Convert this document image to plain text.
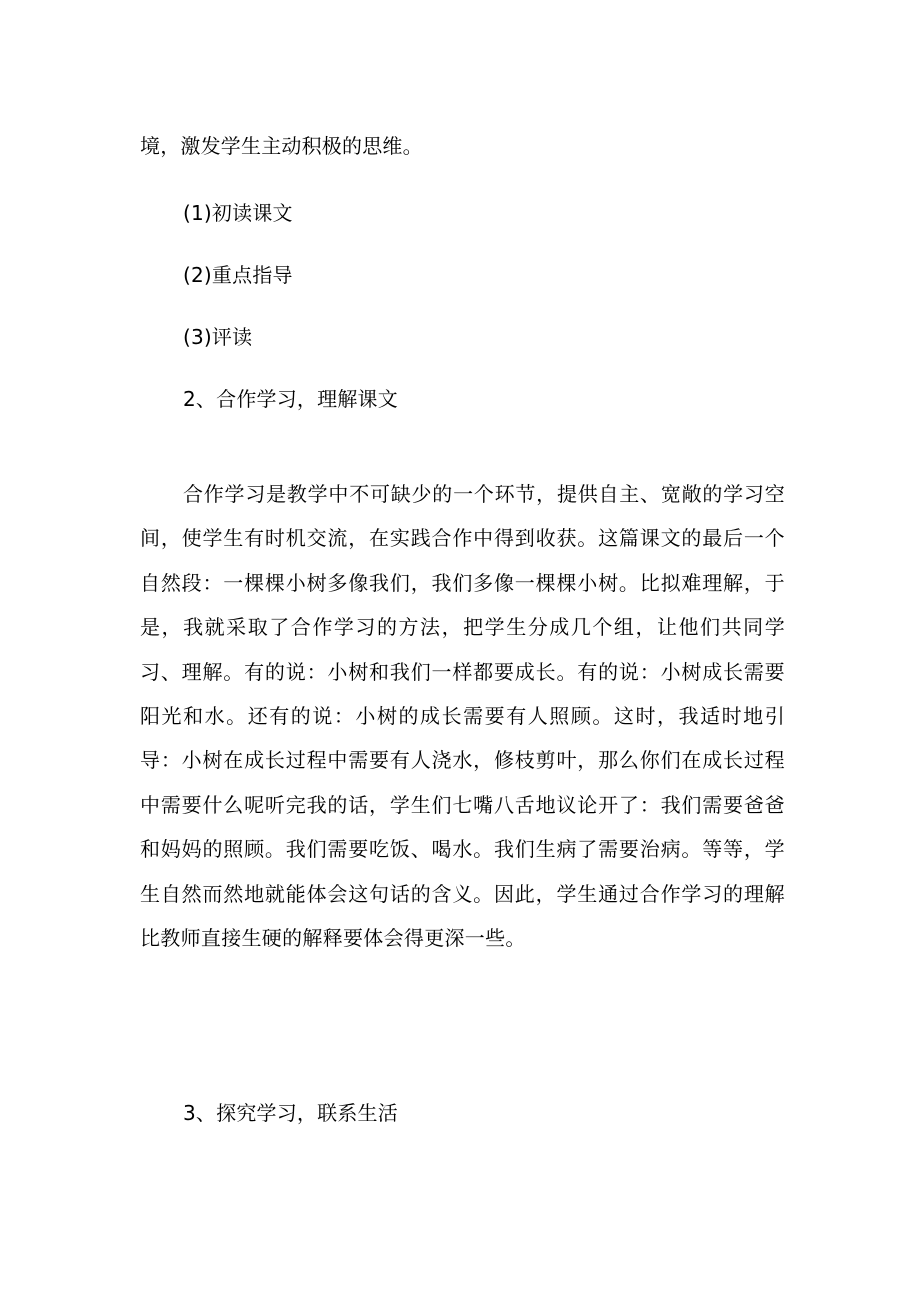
境，激发学生主动积极的思维。
(1)初读课文
(2)重点指导
(3)评读
2、合作学习，理解课文
合作学习是教学中不可缺少的一个环节，提供自主、宽敞的学习空间，使学生有时机交流，在实践合作中得到收获。这篇课文的最后一个自然段：一棵棵小树多像我们，我们多像一棵棵小树。比拟难理解，于是，我就采取了合作学习的方法，把学生分成几个组，让他们共同学习、理解。有的说：小树和我们一样都要成长。有的说：小树成长需要阳光和水。还有的说：小树的成长需要有人照顾。这时，我适时地引导：小树在成长过程中需要有人浇水，修枝剪叶，那么你们在成长过程中需要什么呢听完我的话，学生们七嘴八舌地议论开了：我们需要爸爸和妈妈的照顾。我们需要吃饭、喝水。我们生病了需要治病。等等，学生自然而然地就能体会这句话的含义。因此，学生通过合作学习的理解比教师直接生硬的解释要体会得更深一些。
3、探究学习，联系生活
